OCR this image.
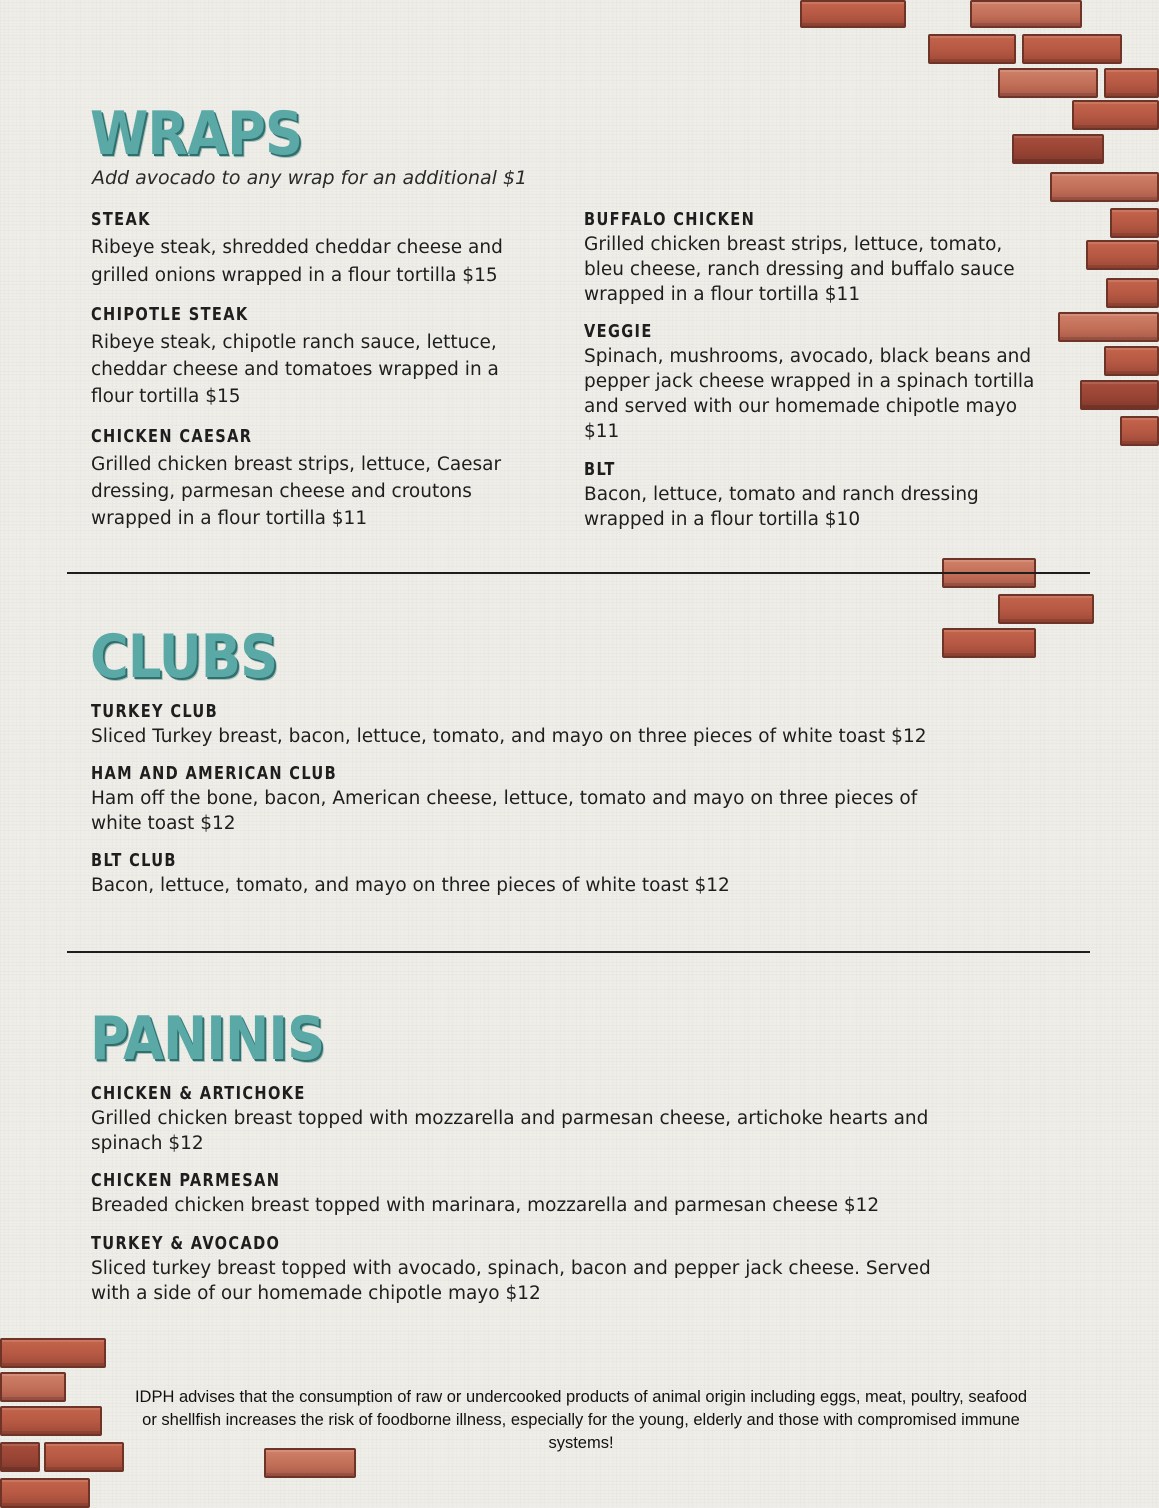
WRAPS

Add avocado to any wrap for an additional $1

STEAK
Ribeye steak, shredded cheddar cheese and grilled onions wrapped in a flour tortilla $15
CHIPOTLE STEAK
Ribeye steak, chipotle ranch sauce, lettuce, cheddar cheese and tomatoes wrapped in a flour tortilla $15
CHICKEN CAESAR
Grilled chicken breast strips, lettuce, Caesar dressing, parmesan cheese and croutons wrapped in a flour tortilla $11
BUFFALO CHICKEN
Grilled chicken breast strips, lettuce, tomato, bleu cheese, ranch dressing and buffalo sauce wrapped in a flour tortilla $11
VEGGIE
Spinach, mushrooms, avocado, black beans and pepper jack cheese wrapped in a spinach tortilla and served with our homemade chipotle mayo $11
BLT
Bacon, lettuce, tomato and ranch dressing wrapped in a flour tortilla $10
CLUBS
TURKEY CLUB
Sliced Turkey breast, bacon, lettuce, tomato, and mayo on three pieces of white toast $12
HAM AND AMERICAN CLUB
Ham off the bone, bacon, American cheese, lettuce, tomato and mayo on three pieces of white toast $12
BLT CLUB
Bacon, lettuce, tomato, and mayo on three pieces of white toast $12
PANINIS
CHICKEN & ARTICHOKE
Grilled chicken breast topped with mozzarella and parmesan cheese, artichoke hearts and spinach $12
CHICKEN PARMESAN
Breaded chicken breast topped with marinara, mozzarella and parmesan cheese $12
TURKEY & AVOCADO
Sliced turkey breast topped with avocado, spinach, bacon and pepper jack cheese. Served with a side of our homemade chipotle mayo $12
IDPH advises that the consumption of raw or undercooked products of animal origin including eggs, meat, poultry, seafood or shellfish increases the risk of foodborne illness, especially for the young, elderly and those with compromised immune systems!
